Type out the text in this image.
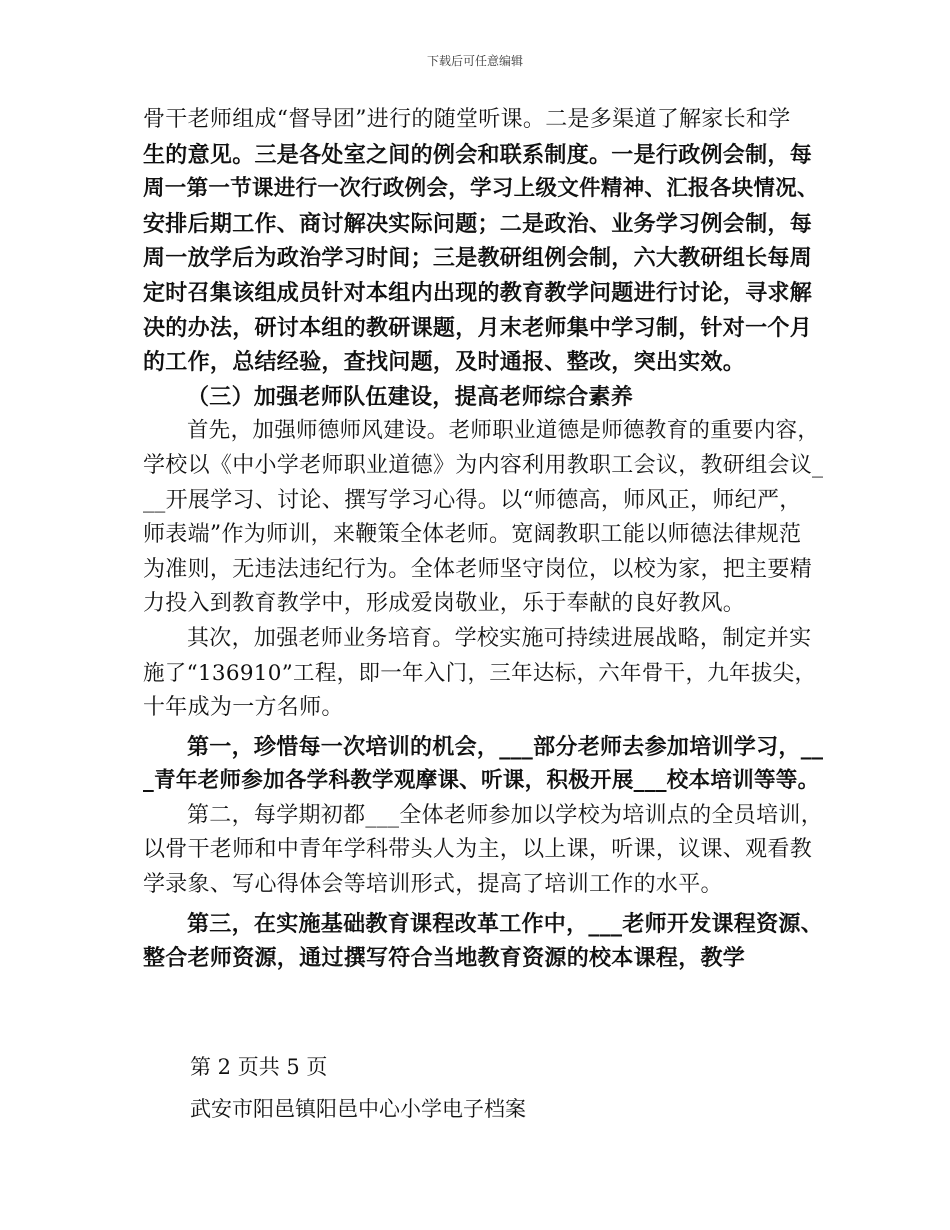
下载后可任意编辑
骨干老师组成“督导团”进行的随堂听课。二是多渠道了解家长和学
生的意见。三是各处室之间的例会和联系制度。一是行政例会制，每
周一第一节课进行一次行政例会，学习上级文件精神、汇报各块情况、
安排后期工作、商讨解决实际问题；二是政治、业务学习例会制，每
周一放学后为政治学习时间；三是教研组例会制，六大教研组长每周
定时召集该组成员针对本组内出现的教育教学问题进行讨论，寻求解
决的办法，研讨本组的教研课题，月末老师集中学习制，针对一个月
的工作，总结经验，查找问题，及时通报、整改，突出实效。
（三）加强老师队伍建设，提高老师综合素养
首先，加强师德师风建设。老师职业道德是师德教育的重要内容，
学校以《中小学老师职业道德》为内容利用教职工会议，教研组会议_
__开展学习、讨论、撰写学习心得。以“师德高，师风正，师纪严，
师表端”作为师训，来鞭策全体老师。宽阔教职工能以师德法律规范
为准则，无违法违纪行为。全体老师坚守岗位，以校为家，把主要精
力投入到教育教学中，形成爱岗敬业，乐于奉献的良好教风。
其次，加强老师业务培育。学校实施可持续进展战略，制定并实
施了“136910”工程，即一年入门，三年达标，六年骨干，九年拔尖，
十年成为一方名师。
第一，珍惜每一次培训的机会，___部分老师去参加培训学习，__
_青年老师参加各学科教学观摩课、听课，积极开展___校本培训等等。
第二，每学期初都___全体老师参加以学校为培训点的全员培训，
以骨干老师和中青年学科带头人为主，以上课，听课，议课、观看教
学录象、写心得体会等培训形式，提高了培训工作的水平。
第三，在实施基础教育课程改革工作中，___老师开发课程资源、
整合老师资源，通过撰写符合当地教育资源的校本课程，教学
第 2 页共 5 页
武安市阳邑镇阳邑中心小学电子档案
